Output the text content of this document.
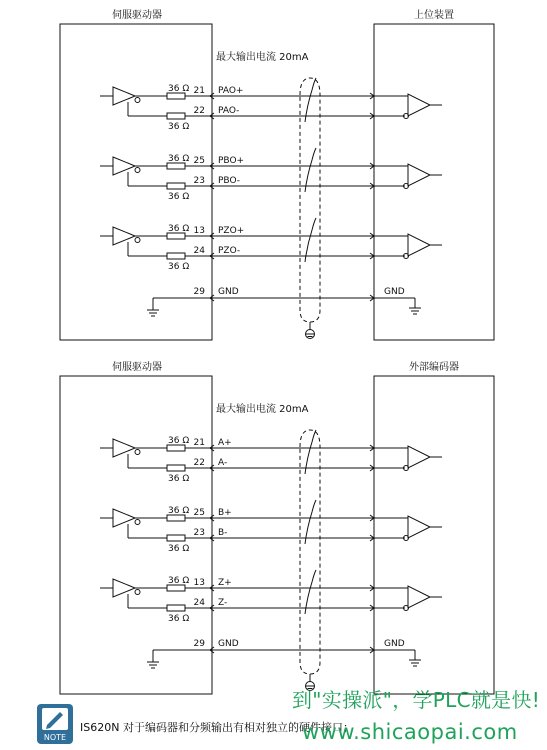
伺服驱动器	上位装置
最大输出电流 20mA
36 Ω
36 Ω
21
22
PAO+
PAO-
36 Ω
36 Ω
25
23
PBO+
PBO-
36 Ω
36 Ω
13
24
PZO+
PZO-
29 GND	GND
伺服驱动器	外部编码器
最大输出电流 20mA
36 Ω
36 Ω
21
22
A+
A-
36 Ω
36 Ω
25
23
B+
B-
36 Ω
36 Ω
13
24
Z+
Z-
29 GND	GND
NOTE
IS620N 对于编码器和分频输出有相对独立的硬件接口；
到"实操派"，学PLC就是快!
www.shicaopai.com
